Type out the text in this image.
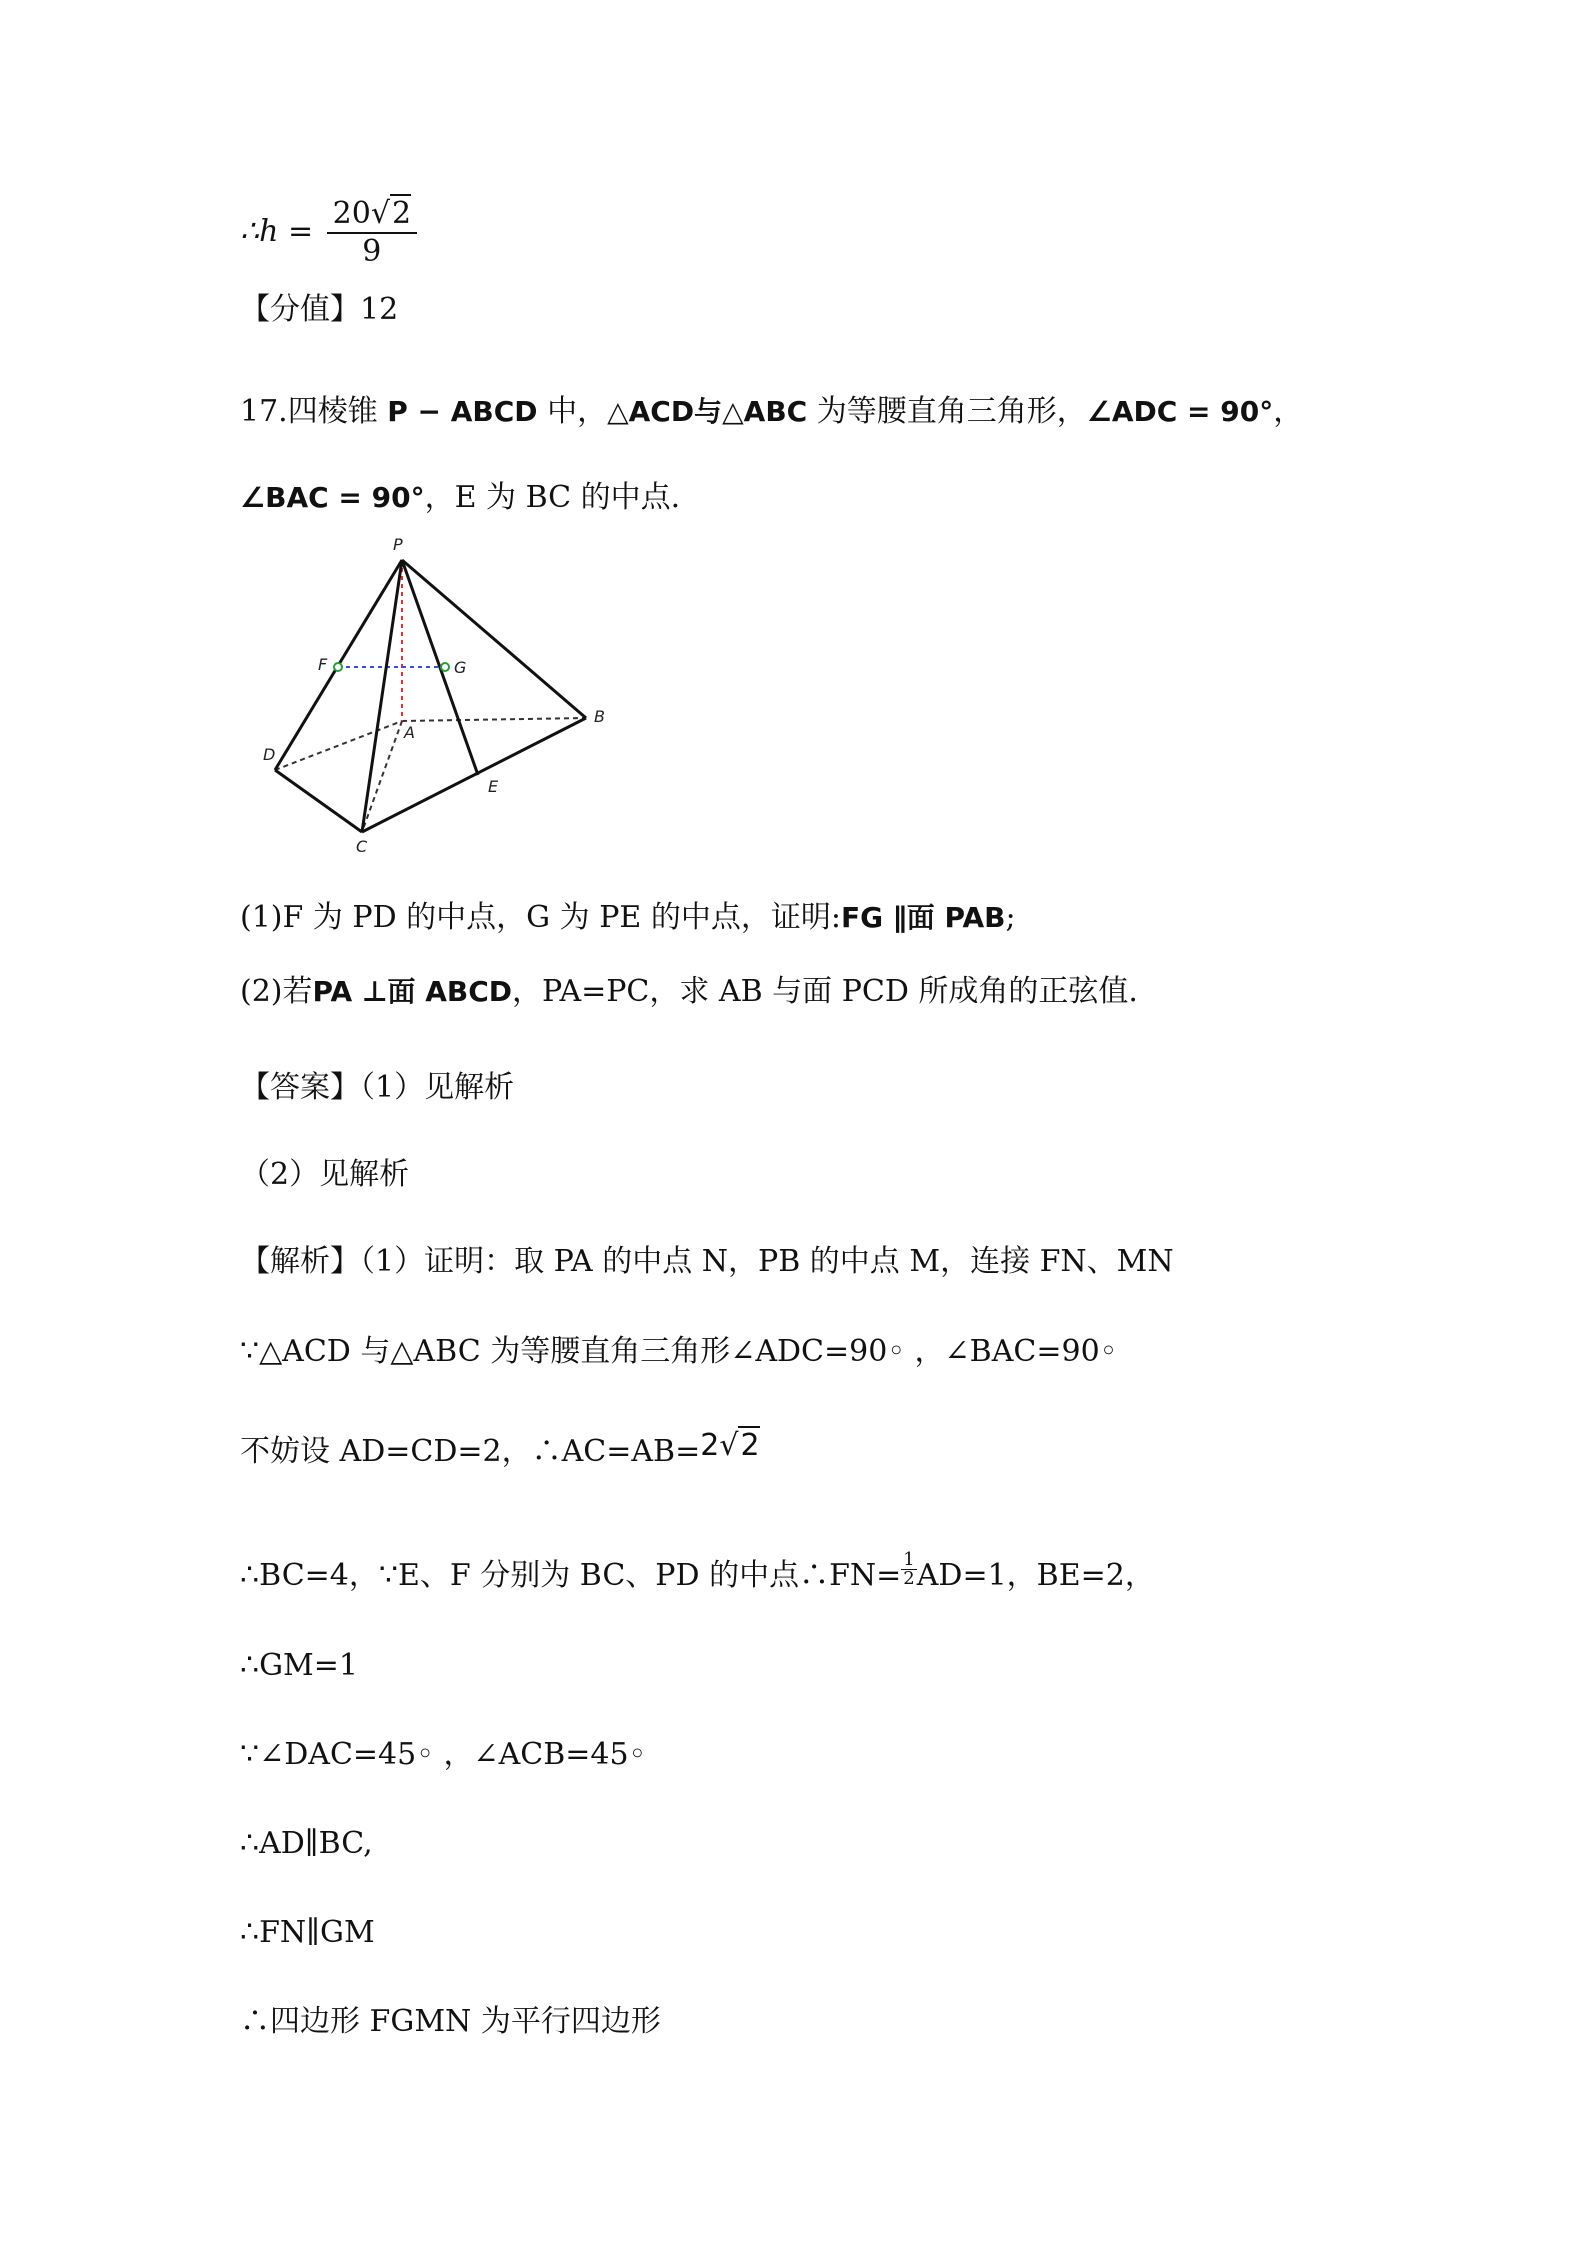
∴h = $\frac{20√2}{9}$
【分值】12
17.四棱锥 P − ABCD 中，△ACD与△ABC 为等腰直角三角形，∠ADC = 90°，
∠BAC = 90°，E 为 BC 的中点.
P
F	G
D
A
B
E
C
(1)F 为 PD 的中点，G 为 PE 的中点，证明:FG ∥面 PAB;
(2)若PA ⊥面 ABCD，PA=PC，求 AB 与面 PCD 所成角的正弦值.
【答案】（1）见解析
（2）见解析
【解析】（1）证明：取 PA 的中点 N，PB 的中点 M，连接 FN、MN
∵△ACD 与△ABC 为等腰直角三角形∠ADC=90◦ ，∠BAC=90◦
不妨设 AD=CD=2，∴AC=AB=2√2
∴BC=4，∵E、F 分别为 BC、PD 的中点∴FN= $\frac{1}{2} AD=1$，BE=2，
∴GM=1
∵∠DAC=45◦ ，∠ACB=45◦
∴AD∥BC,
∴FN∥GM
∴四边形 FGMN 为平行四边形
